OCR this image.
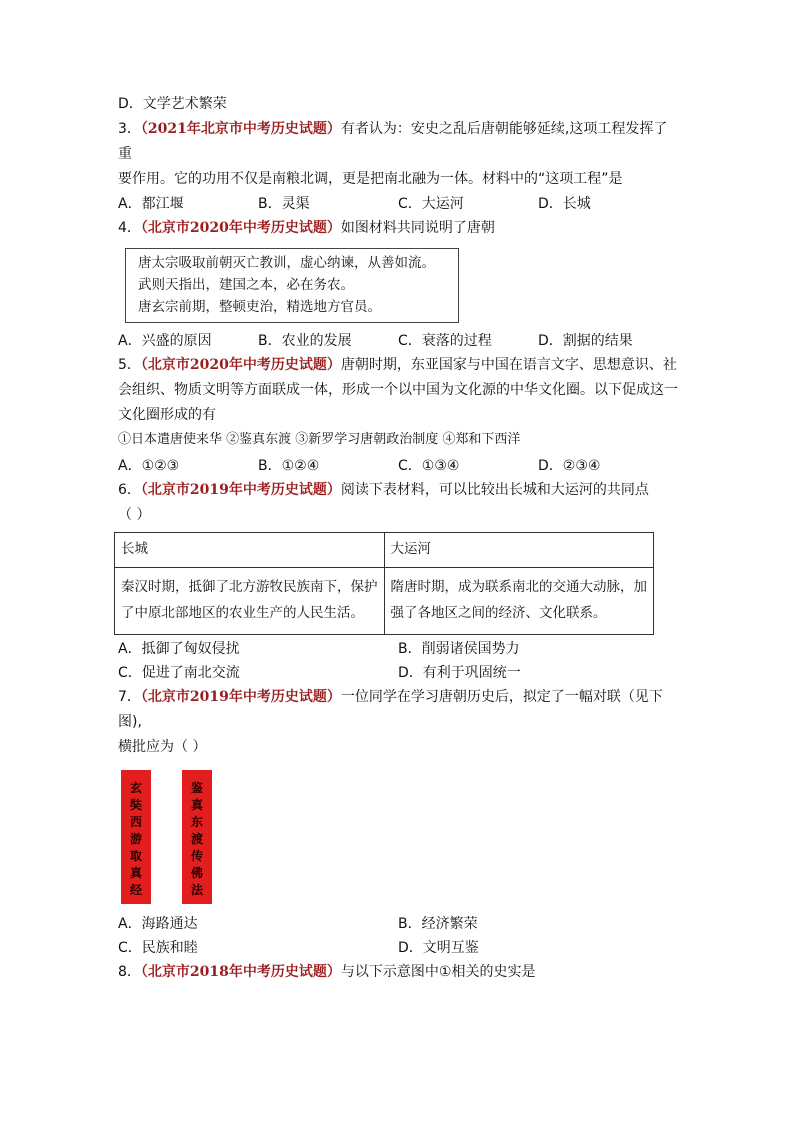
D．文学艺术繁荣
3．（2021年北京市中考历史试题）有者认为：安史之乱后唐朝能够延续,这项工程发挥了重
要作用。它的功用不仅是南粮北调，更是把南北融为一体。材料中的“这项工程”是
A．都江堰	B．灵渠	C．大运河	D．长城
4．（北京市2020年中考历史试题）如图材料共同说明了唐朝
唐太宗吸取前朝灭亡教训，虚心纳谏，从善如流。
武则天指出，建国之本，必在务农。
唐玄宗前期，整顿吏治，精选地方官员。
A．兴盛的原因	B．农业的发展	C．衰落的过程	D．割据的结果
5．（北京市2020年中考历史试题）唐朝时期，东亚国家与中国在语言文字、思想意识、社
会组织、物质文明等方面联成一体，形成一个以中国为文化源的中华文化圈。以下促成这一
文化圈形成的有
①日本遣唐使来华 ②鉴真东渡 ③新罗学习唐朝政治制度 ④郑和下西洋
A．①②③	B．①②④	C．①③④	D．②③④
6．（北京市2019年中考历史试题）阅读下表材料，可以比较出长城和大运河的共同点
（ ）
长城	大运河
秦汉时期，抵御了北方游牧民族南下，保护了中原北部地区的农业生产的人民生活。	隋唐时期，成为联系南北的交通大动脉，加强了各地区之间的经济、文化联系。
A．抵御了匈奴侵扰	B．削弱诸侯国势力
C．促进了南北交流	D．有利于巩固统一
7．（北京市2019年中考历史试题）一位同学在学习唐朝历史后，拟定了一幅对联（见下图),
横批应为（ ）
玄奘西游取真经
鉴真东渡传佛法
A．海路通达	B．经济繁荣
C．民族和睦	D．文明互鉴
8．（北京市2018年中考历史试题）与以下示意图中①相关的史实是
